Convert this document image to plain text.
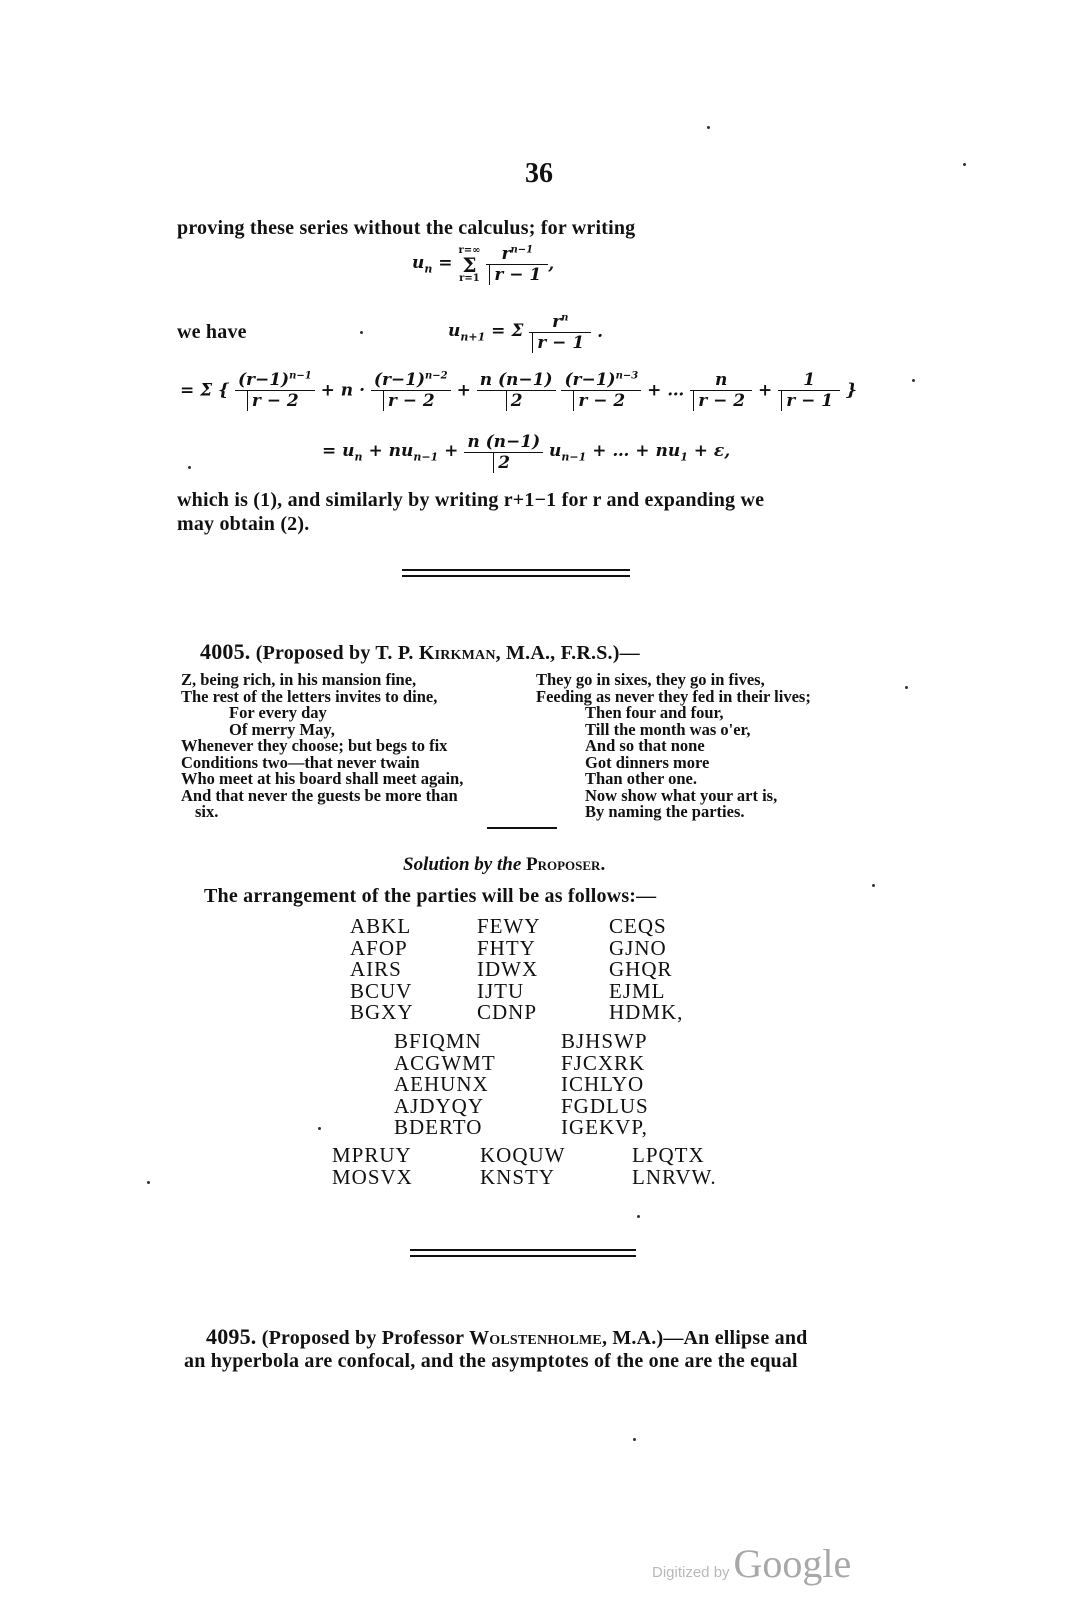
36
proving these series without the calculus; for writing
$u_n$ =
r=∞
Σ
r=1
$\frac{r^{n-1}}{r - 1}$ ,
we have	$u_{n+1} = \Sigma \frac{r^n}{r - 1}$ .
= Σ { $\frac{(r-1)^{n-1}}{r - 2} + n \cdot \frac{(r-1)^{n-2}}{r - 2} + \frac{n (n-1)}{2}$
$\frac{(r-1)^{n-3}}{r - 2}$ + … $\frac{n}{r - 2} + \frac{1}{r - 1}$ }
= $u_n + nu_{n-1} + \frac{n (n-1)}{2} u_{n-1}$ + … + $nu_1 + \varepsilon$,
which is (1), and similarly by writing r+1−1 for r and expanding we
may obtain (2).
4005. (Proposed by T. P. Kirkman, M.A., F.R.S.)—
Z, being rich, in his mansion fine,
The rest of the letters invites to dine,
For every day
Of merry May,
Whenever they choose; but begs to fix
Conditions two—that never twain
Who meet at his board shall meet again,
And that never the guests be more than
six.
They go in sixes, they go in fives,
Feeding as never they fed in their lives;
Then four and four,
Till the month was o'er,
And so that none
Got dinners more
Than other one.
Now show what your art is,
By naming the parties.
Solution by the Proposer.
The arrangement of the parties will be as follows:—
ABKL
AFOP
AIRS
BCUV
BGXY
FEWY
FHTY
IDWX
IJTU
CDNP
CEQS
GJNO
GHQR
EJML
HDMK,
BFIQMN
ACGWMT
AEHUNX
AJDYQY
BDERTO
BJHSWP
FJCXRK
ICHLYO
FGDLUS
IGEKVP,
MPRUY
MOSVX
KOQUW
KNSTY
LPQTX
LNRVW.
4095. (Proposed by Professor Wolstenholme, M.A.)—An ellipse and
an hyperbola are confocal, and the asymptotes of the one are the equal
Digitized by Google
